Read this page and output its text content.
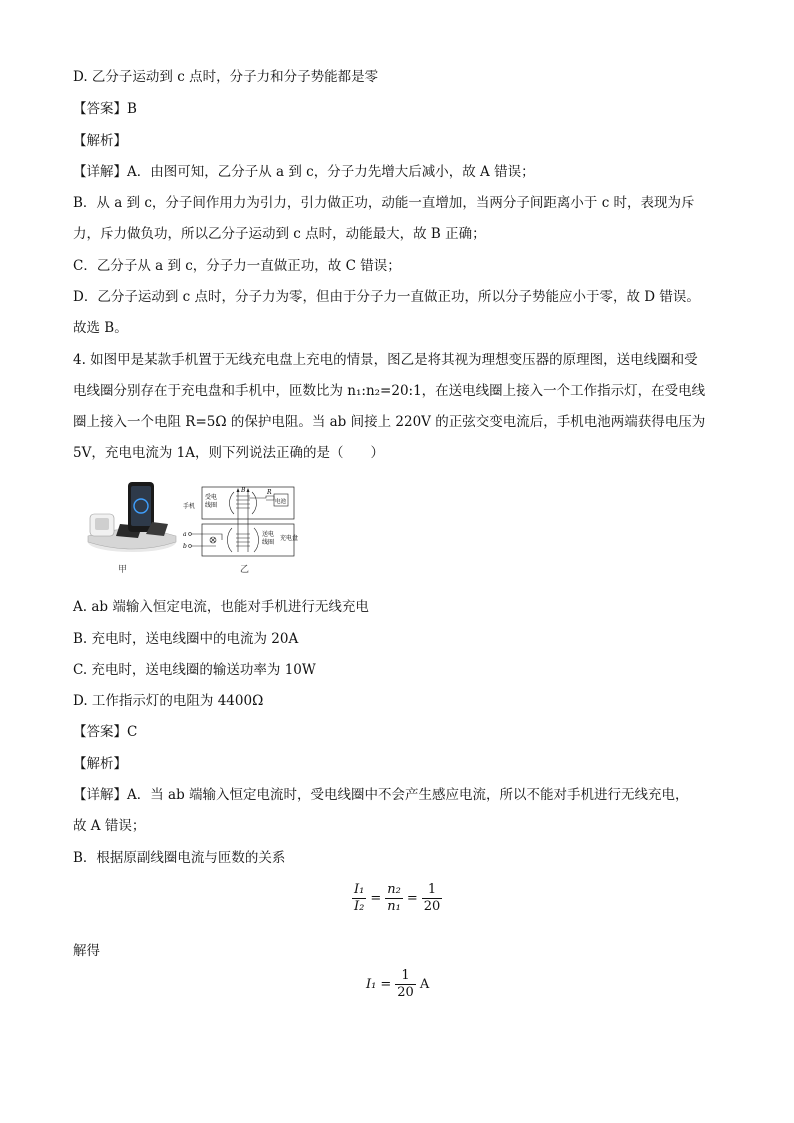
D. 乙分子运动到 c 点时，分子力和分子势能都是零
【答案】B
【解析】
【详解】A．由图可知，乙分子从 a 到 c，分子力先增大后减小，故 A 错误；
B．从 a 到 c，分子间作用力为引力，引力做正功，动能一直增加，当两分子间距离小于 c 时，表现为斥
力，斥力做负功，所以乙分子运动到 c 点时，动能最大，故 B 正确；
C．乙分子从 a 到 c，分子力一直做正功，故 C 错误；
D．乙分子运动到 c 点时，分子力为零，但由于分子力一直做正功，所以分子势能应小于零，故 D 错误。
故选 B。
4. 如图甲是某款手机置于无线充电盘上充电的情景，图乙是将其视为理想变压器的原理图，送电线圈和受
电线圈分别存在于充电盘和手机中，匝数比为 n₁:n₂=20:1，在送电线圈上接入一个工作指示灯，在受电线
圈上接入一个电阻 R=5Ω 的保护电阻。当 ab 间接上 220V 的正弦交变电流后，手机电池两端获得电压为
5V，充电电流为 1A，则下列说法正确的是（　　）
甲
手机
受电
线圈	电池
R
B
送电
线圈
充电盘
a
b
乙
A. ab 端输入恒定电流，也能对手机进行无线充电
B. 充电时，送电线圈中的电流为 20A
C. 充电时，送电线圈的输送功率为 10W
D. 工作指示灯的电阻为 4400Ω
【答案】C
【解析】
【详解】A．当 ab 端输入恒定电流时，受电线圈中不会产生感应电流，所以不能对手机进行无线充电，
故 A 错误；
B．根据原副线圈电流与匝数的关系
$\frac{\text{I₁}}{\text{I₂}} = \frac{\text{n₂}}{\text{n₁}} = \frac{1}{20}$
解得
$I_1 = \frac{1}{20}$ A
